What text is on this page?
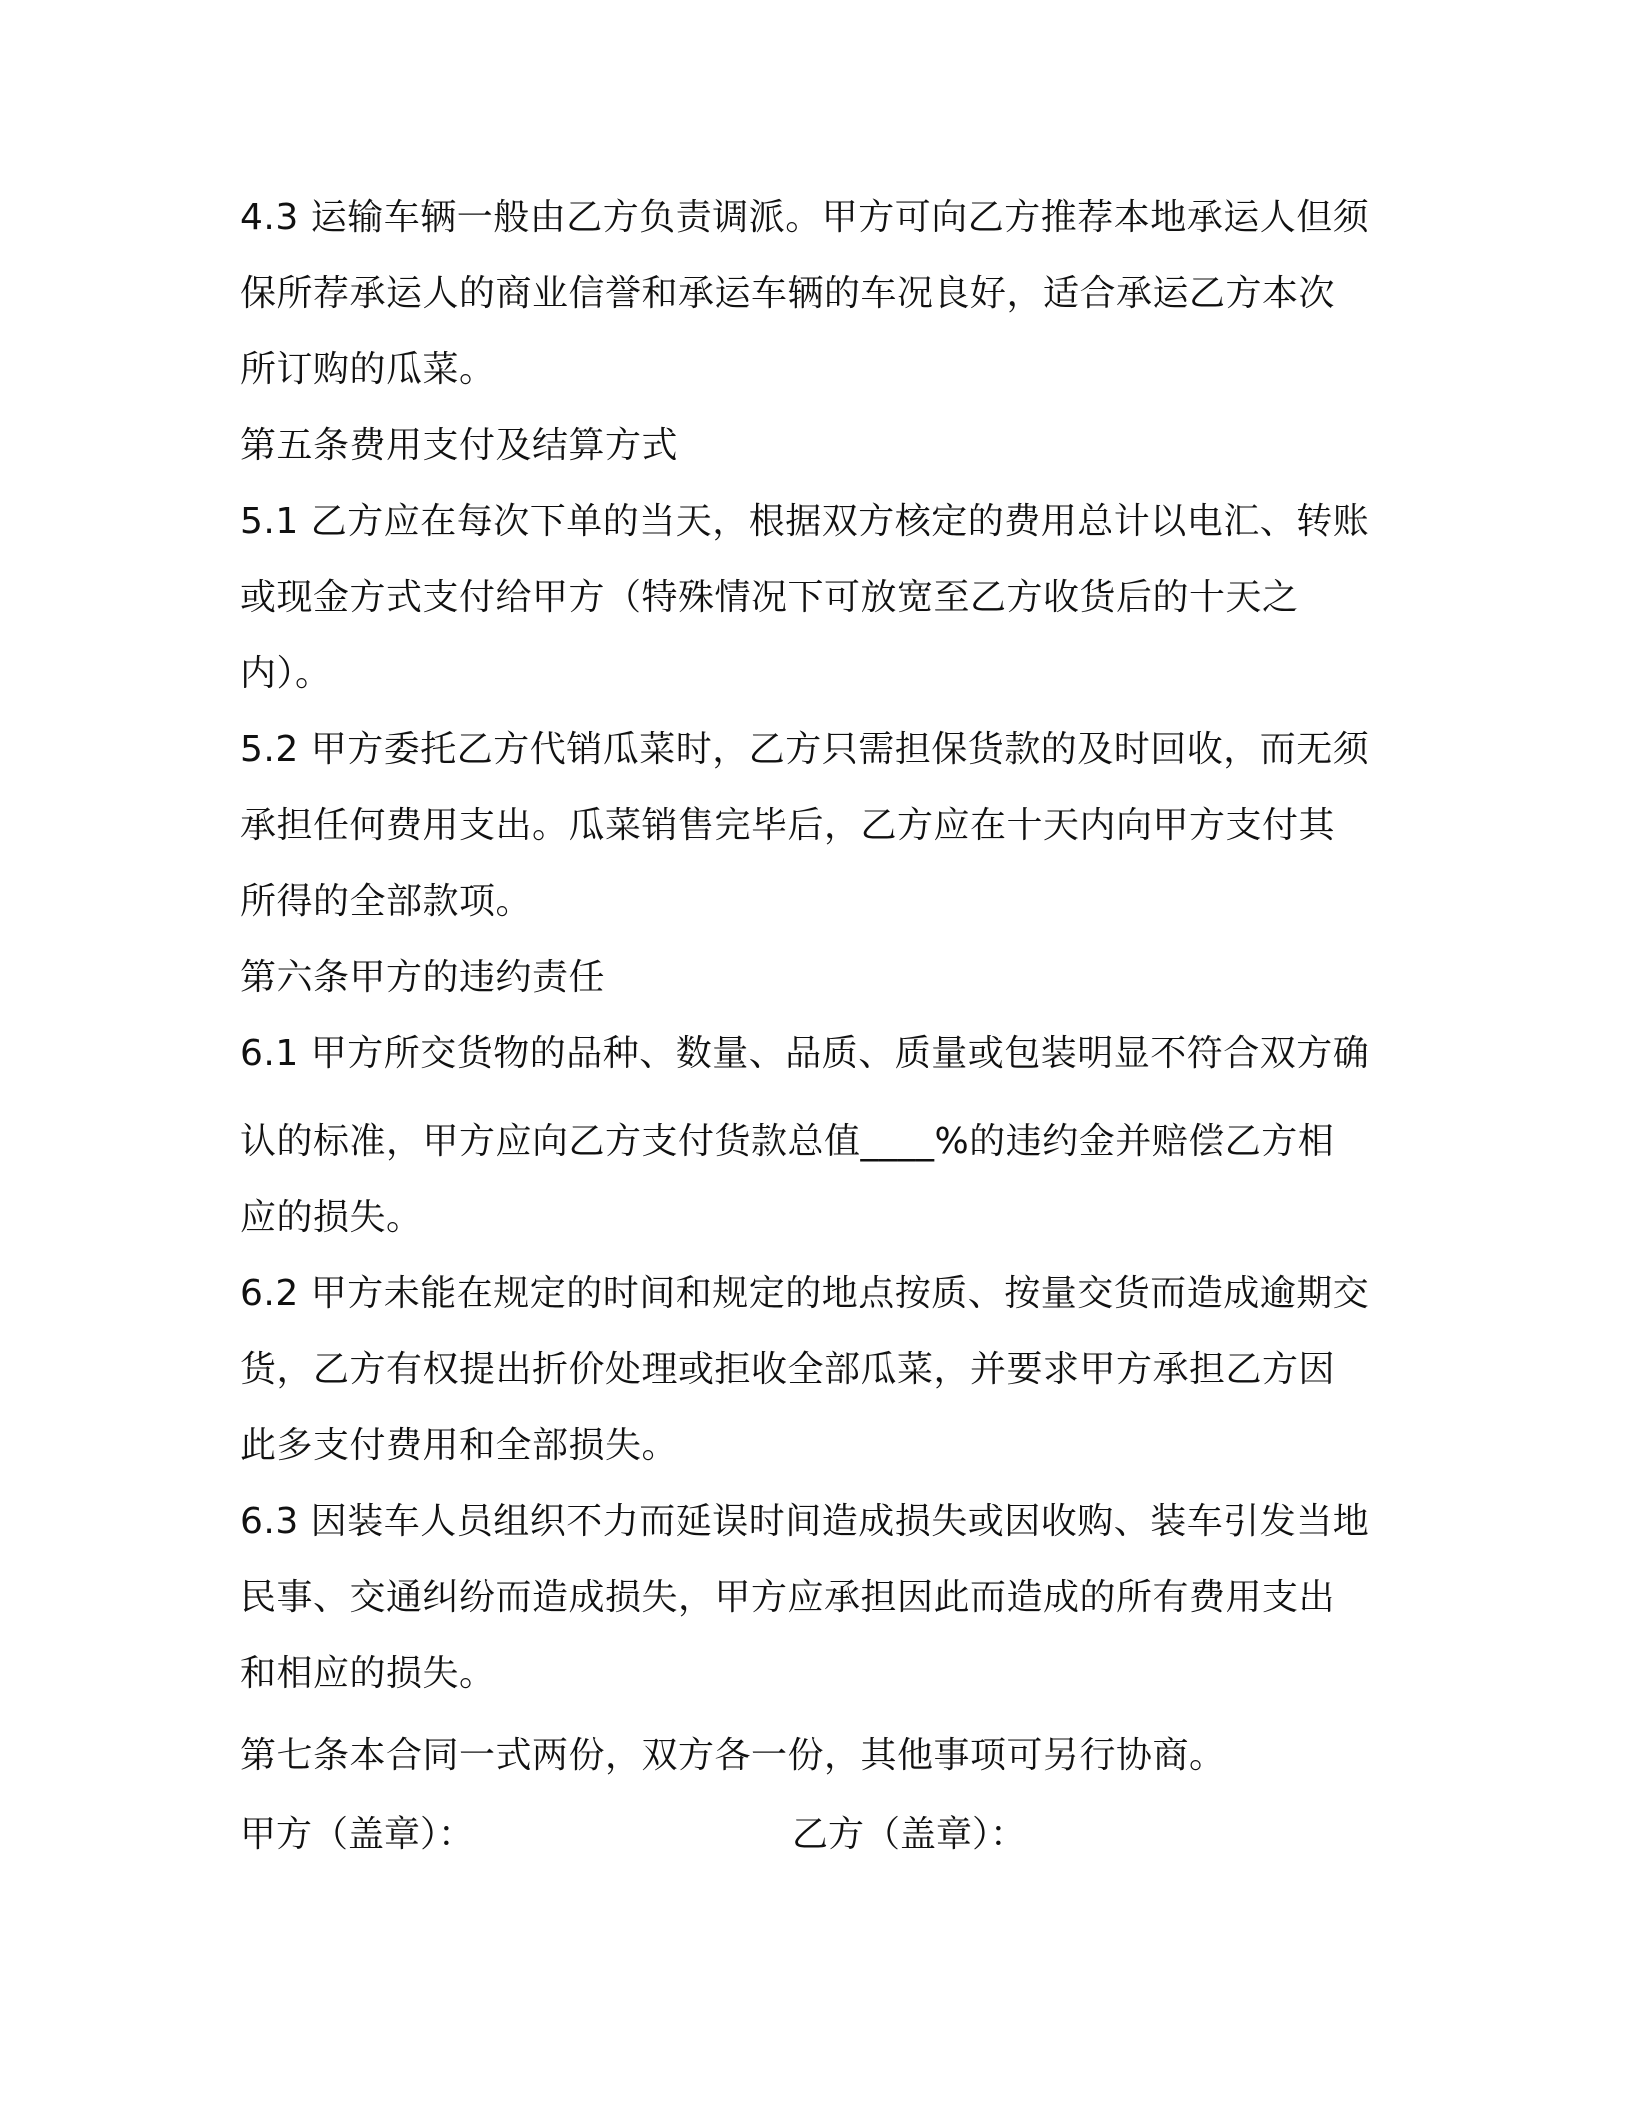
4.3 运输车辆一般由乙方负责调派。甲方可向乙方推荐本地承运人但须

保所荐承运人的商业信誉和承运车辆的车况良好，适合承运乙方本次

所订购的瓜菜。

第五条费用支付及结算方式

5.1 乙方应在每次下单的当天，根据双方核定的费用总计以电汇、转账

或现金方式支付给甲方（特殊情况下可放宽至乙方收货后的十天之

内）。

5.2 甲方委托乙方代销瓜菜时，乙方只需担保货款的及时回收，而无须

承担任何费用支出。瓜菜销售完毕后，乙方应在十天内向甲方支付其

所得的全部款项。

第六条甲方的违约责任

6.1 甲方所交货物的品种、数量、品质、质量或包装明显不符合双方确

认的标准，甲方应向乙方支付货款总值____%的违约金并赔偿乙方相

应的损失。

6.2 甲方未能在规定的时间和规定的地点按质、按量交货而造成逾期交

货，乙方有权提出折价处理或拒收全部瓜菜，并要求甲方承担乙方因

此多支付费用和全部损失。

6.3 因装车人员组织不力而延误时间造成损失或因收购、装车引发当地

民事、交通纠纷而造成损失，甲方应承担因此而造成的所有费用支出

和相应的损失。

第七条本合同一式两份，双方各一份，其他事项可另行协商。

甲方（盖章）：	乙方（盖章）：
